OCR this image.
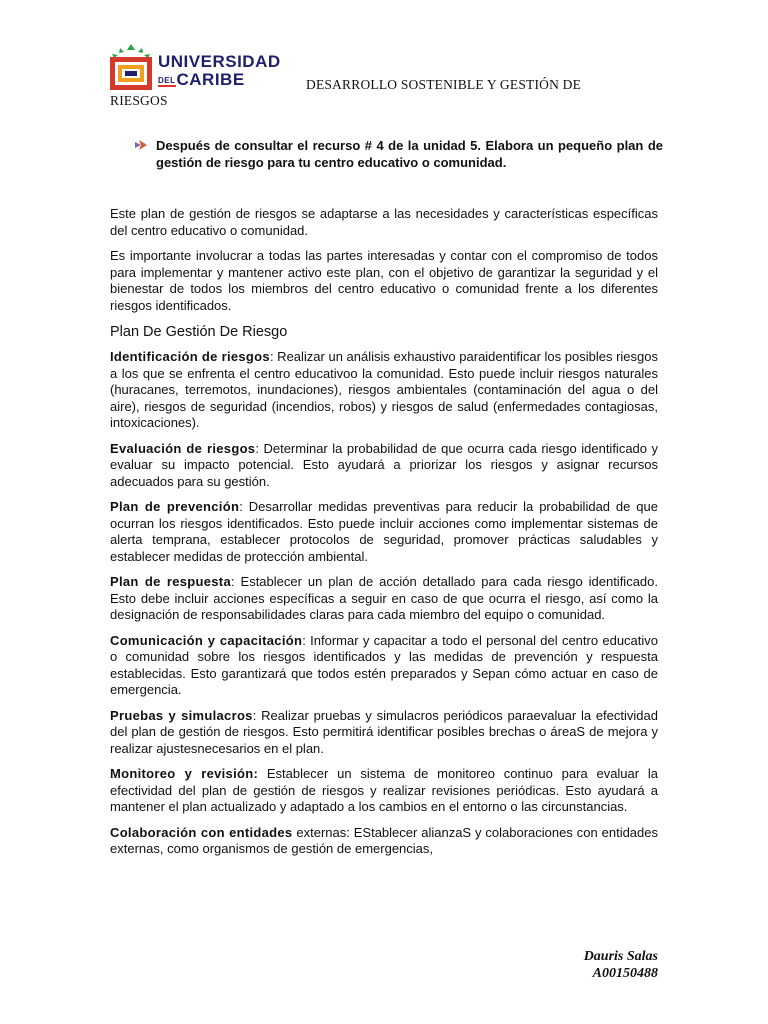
UNIVERSIDAD
DELCARIBE	DESARROLLO SOSTENIBLE Y GESTIÓN DE
RIESGOS
Después de consultar el recurso # 4 de la unidad 5. Elabora un pequeño plan de gestión de riesgo para tu centro educativo o comunidad.

Este plan de gestión de riesgos se adaptarse a las necesidades y características específicas del centro educativo o comunidad.

Es importante involucrar a todas las partes interesadas y contar con el compromiso de todos para implementar y mantener activo este plan, con el objetivo de garantizar la seguridad y el bienestar de todos los miembros del centro educativo o comunidad frente a los diferentes riesgos identificados.

Plan De Gestión De Riesgo

Identificación de riesgos: Realizar un análisis exhaustivo paraidentificar los posibles riesgos a los que se enfrenta el centro educativoo la comunidad. Esto puede incluir riesgos naturales (huracanes, terremotos, inundaciones), riesgos ambientales (contaminación del agua o del aire), riesgos de seguridad (incendios, robos) y riesgos de salud (enfermedades contagiosas, intoxicaciones).

Evaluación de riesgos: Determinar la probabilidad de que ocurra cada riesgo identificado y evaluar su impacto potencial. Esto ayudará a priorizar los riesgos y asignar recursos adecuados para su gestión.

Plan de prevención: Desarrollar medidas preventivas para reducir la probabilidad de que ocurran los riesgos identificados. Esto puede incluir acciones como implementar sistemas de alerta temprana, establecer protocolos de seguridad, promover prácticas saludables y establecer medidas de protección ambiental.

Plan de respuesta: Establecer un plan de acción detallado para cada riesgo identificado. Esto debe incluir acciones específicas a seguir en caso de que ocurra el riesgo, así como la designación de responsabilidades claras para cada miembro del equipo o comunidad.

Comunicación y capacitación: Informar y capacitar a todo el personal del centro educativo o comunidad sobre los riesgos identificados y las medidas de prevención y respuesta establecidas. Esto garantizará que todos estén preparados y Sepan cómo actuar en caso de emergencia.

Pruebas y simulacros: Realizar pruebas y simulacros periódicos paraevaluar la efectividad del plan de gestión de riesgos. Esto permitirá identificar posibles brechas o áreaS de mejora y realizar ajustesnecesarios en el plan.

Monitoreo y revisión: Establecer un sistema de monitoreo continuo para evaluar la efectividad del plan de gestión de riesgos y realizar revisiones periódicas. Esto ayudará a mantener el plan actualizado y adaptado a los cambios en el entorno o las circunstancias.

Colaboración con entidades externas: EStablecer alianzaS y colaboraciones con entidades externas, como organismos de gestión de emergencias,

Dauris Salas
A00150488
